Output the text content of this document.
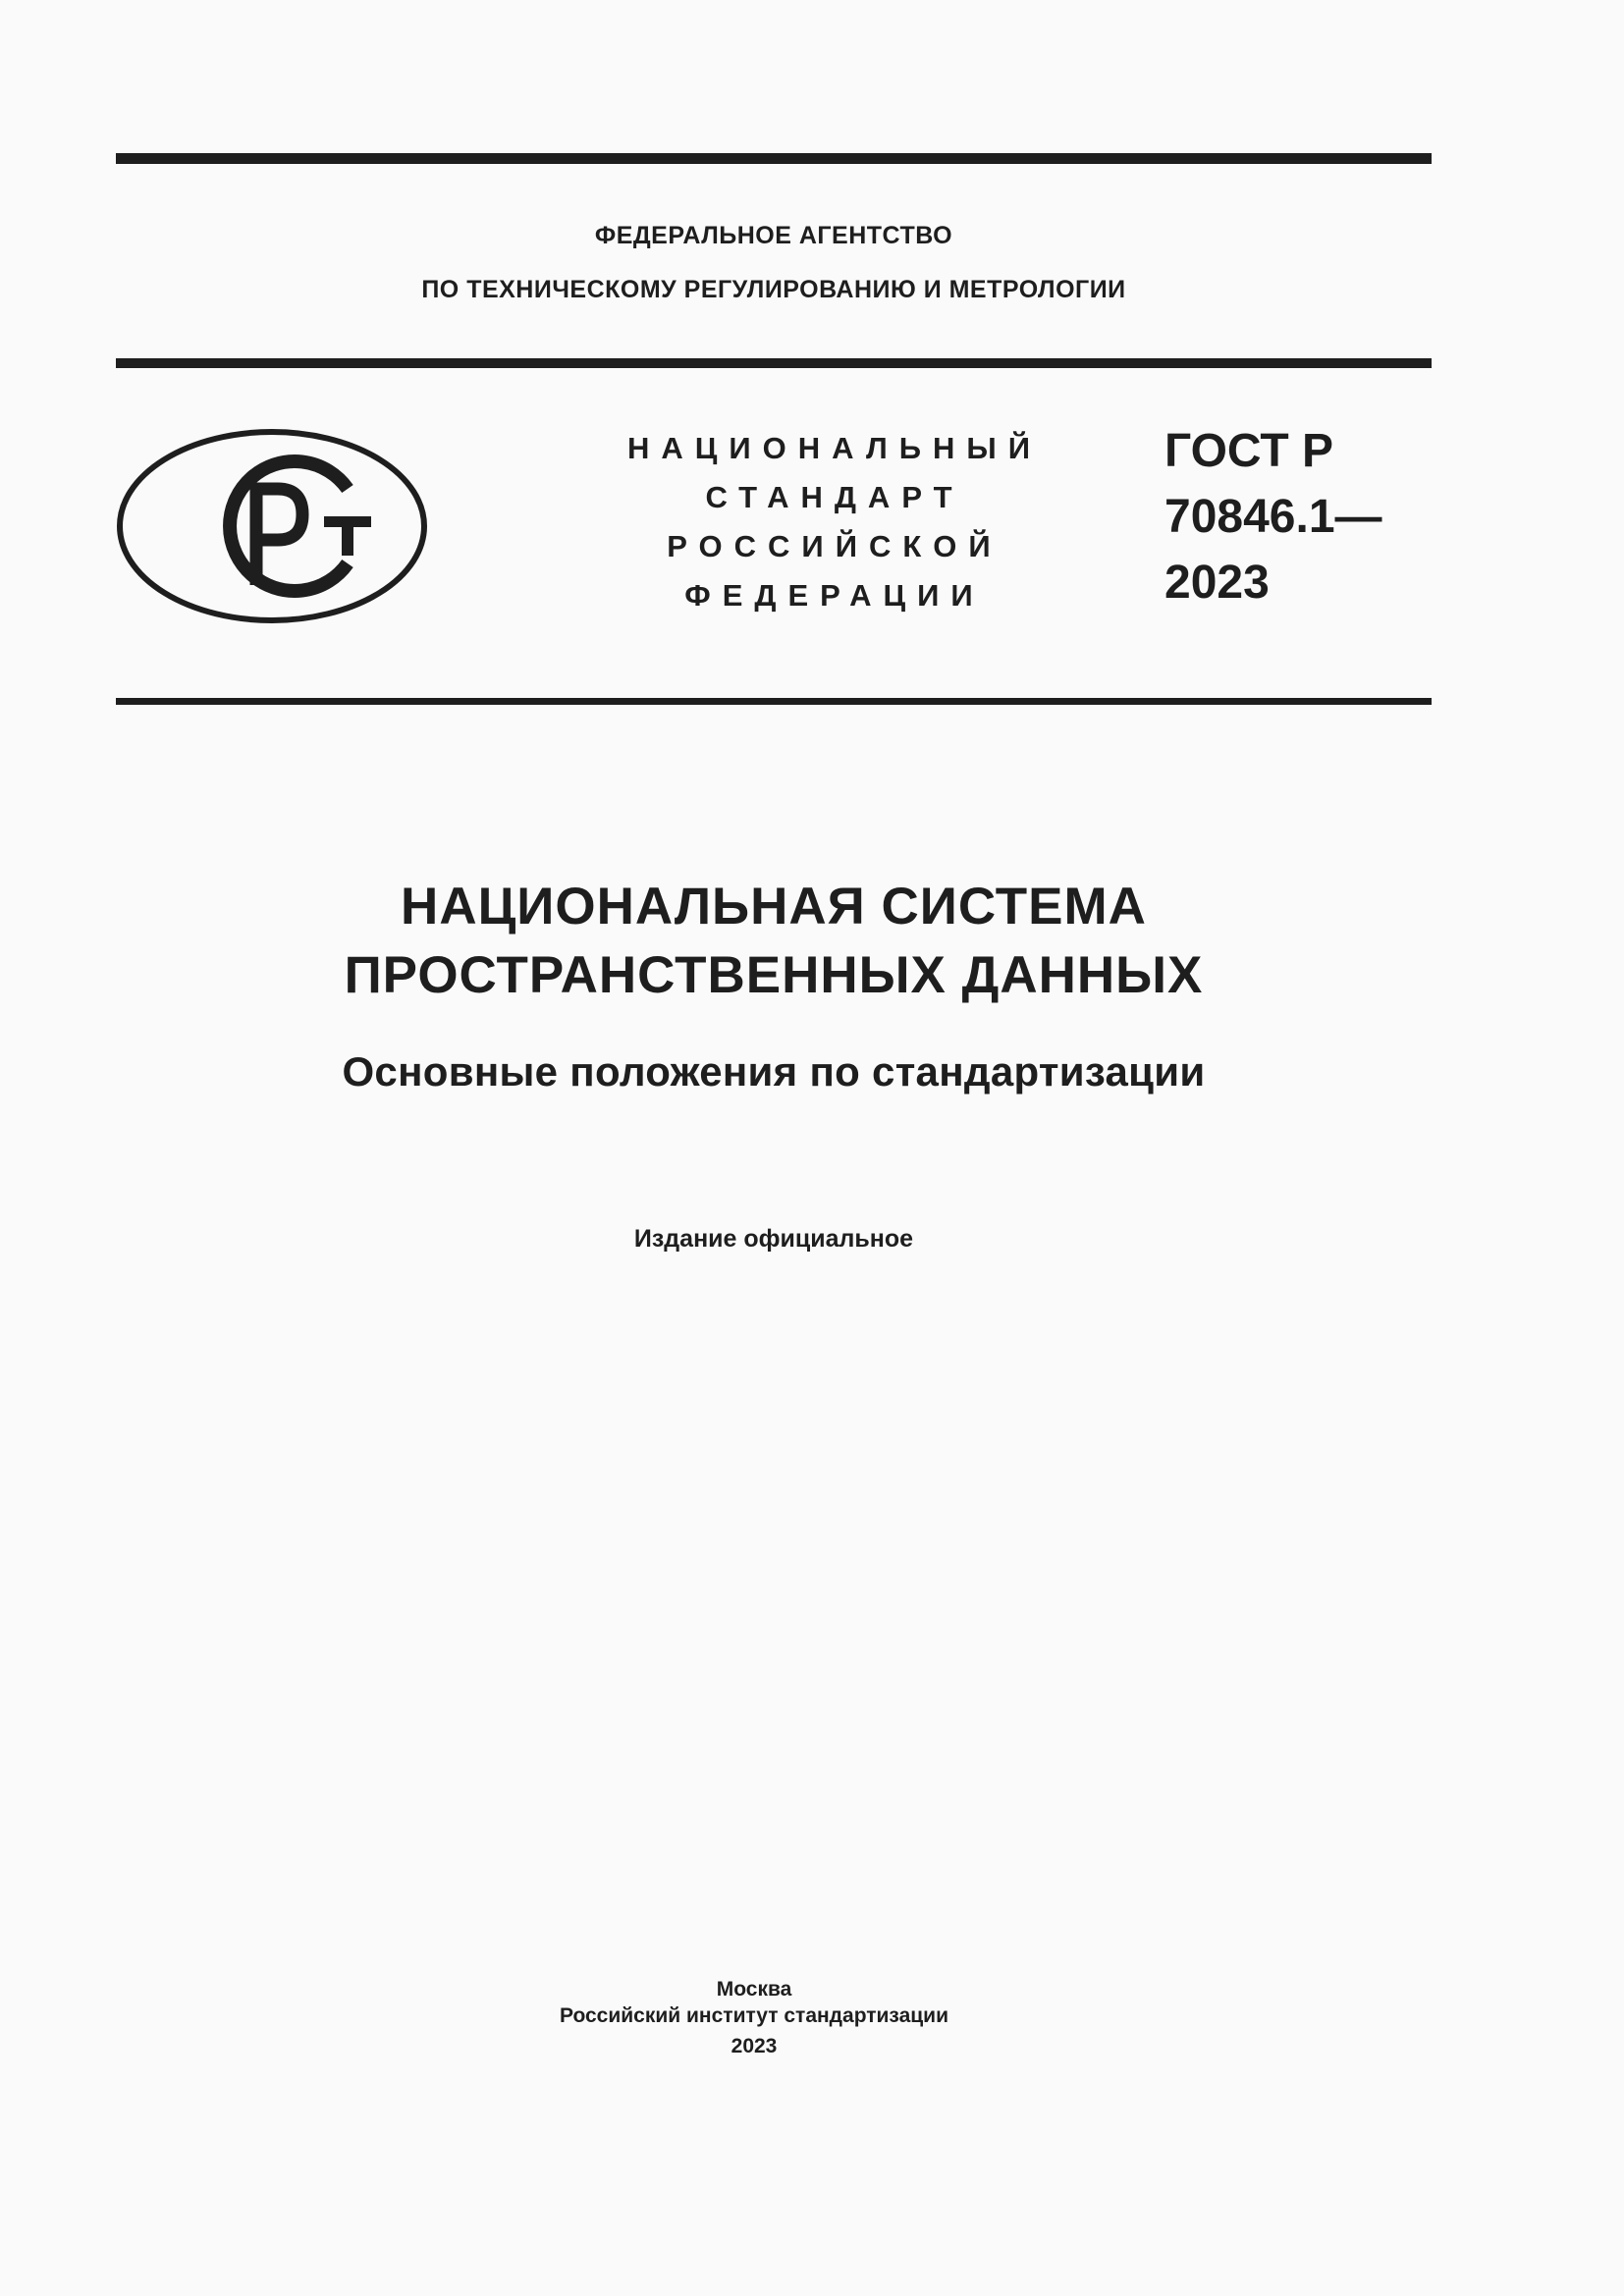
ФЕДЕРАЛЬНОЕ АГЕНТСТВО
ПО ТЕХНИЧЕСКОМУ РЕГУЛИРОВАНИЮ И МЕТРОЛОГИИ
НАЦИОНАЛЬНЫЙ
СТАНДАРТ
РОССИЙСКОЙ
ФЕДЕРАЦИИ
ГОСТ Р
70846.1—
2023
НАЦИОНАЛЬНАЯ СИСТЕМА
ПРОСТРАНСТВЕННЫХ ДАННЫХ
Основные положения по стандартизации
Издание официальное
Москва
Российский институт стандартизации
2023
